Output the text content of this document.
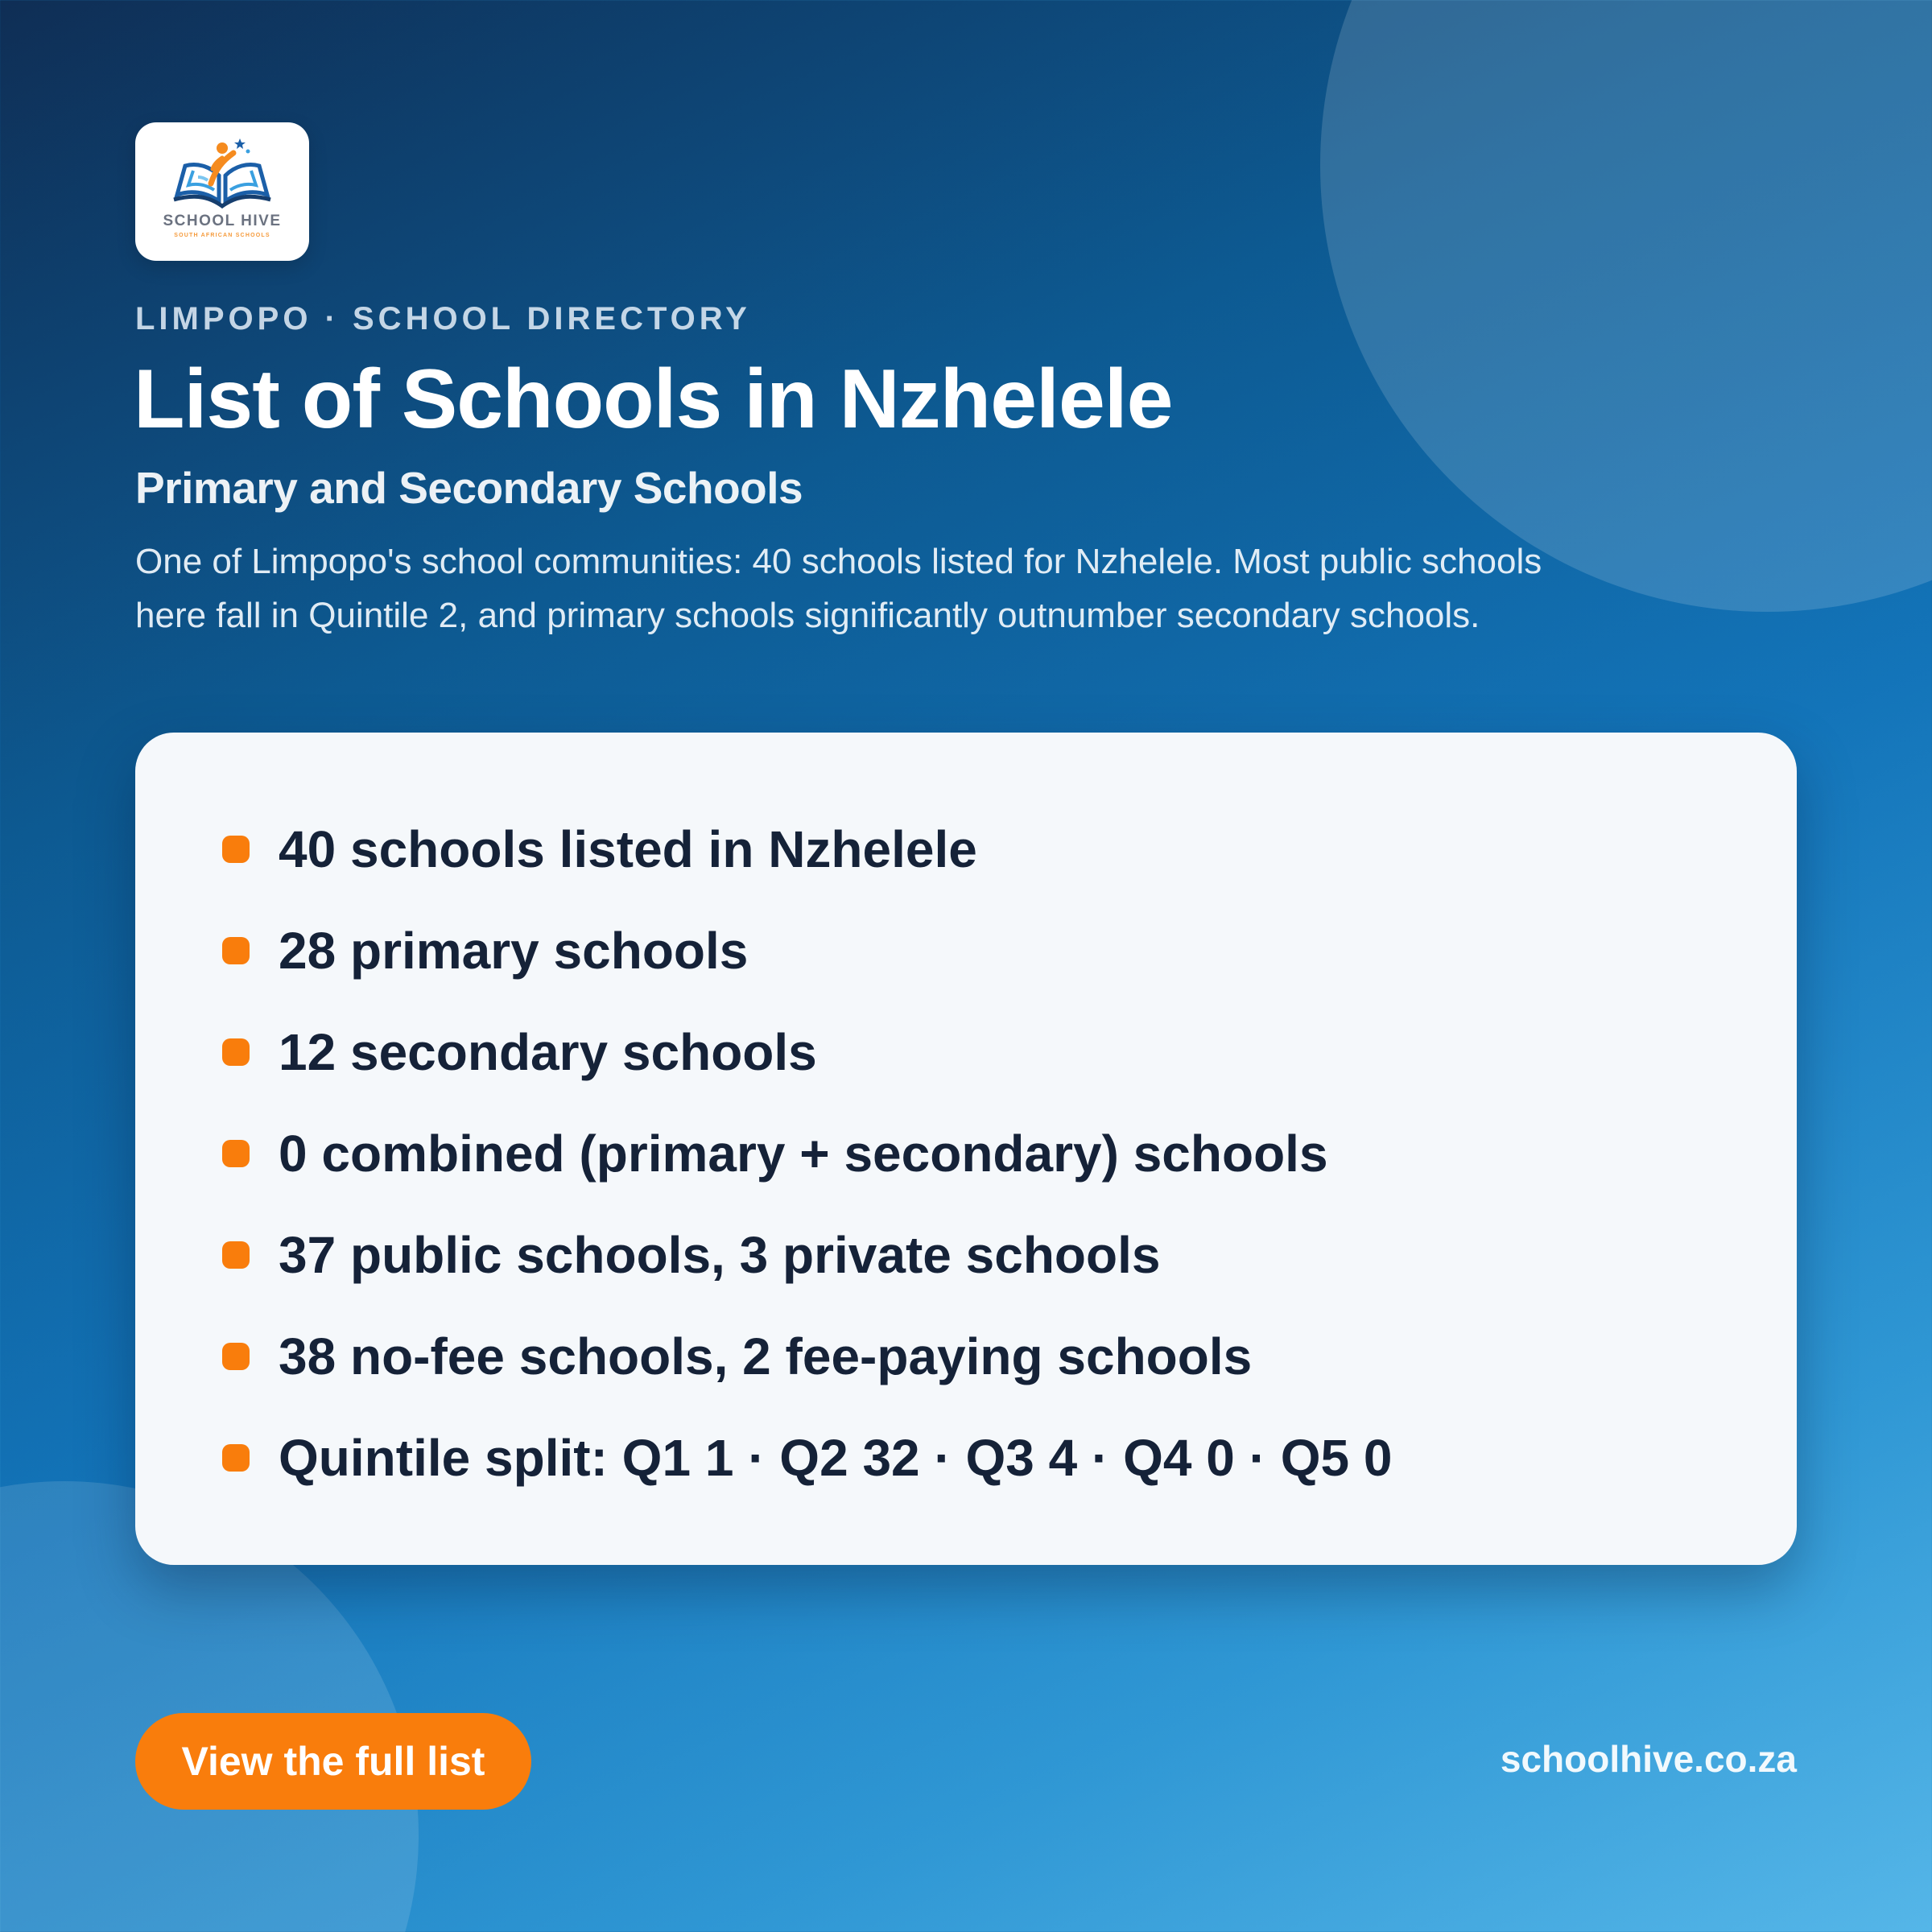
SCHOOL HIVE
SOUTH AFRICAN SCHOOLS
LIMPOPO · SCHOOL DIRECTORY
List of Schools in Nzhelele
Primary and Secondary Schools

One of Limpopo's school communities: 40 schools listed for Nzhelele. Most public schools here fall in Quintile 2, and primary schools significantly outnumber secondary schools.

40 schools listed in Nzhelele
28 primary schools
12 secondary schools
0 combined (primary + secondary) schools
37 public schools, 3 private schools
38 no-fee schools, 2 fee-paying schools
Quintile split: Q1 1 · Q2 32 · Q3 4 · Q4 0 · Q5 0
View the full list	schoolhive.co.za
